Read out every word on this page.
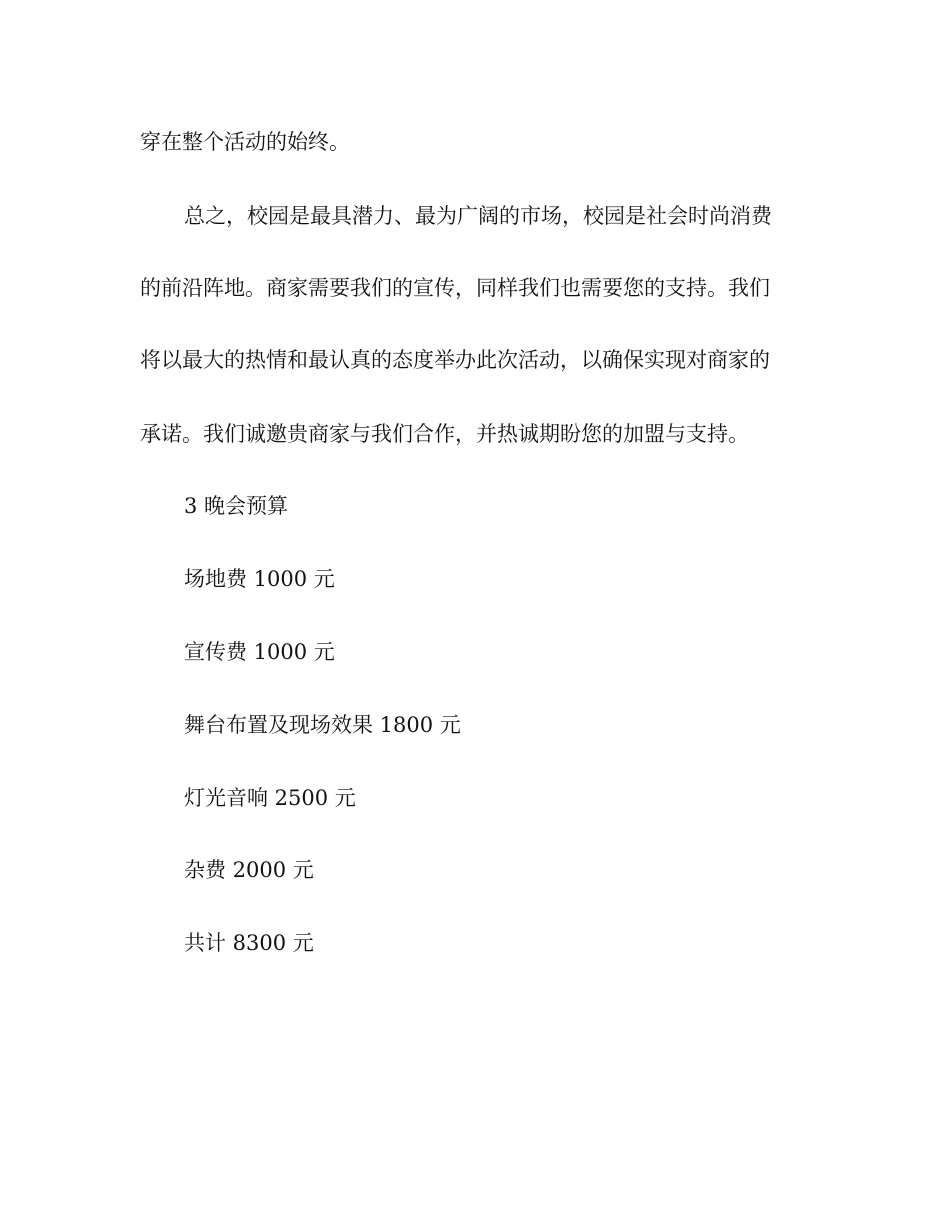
穿在整个活动的始终。
总之，校园是最具潜力、最为广阔的市场，校园是社会时尚消费
的前沿阵地。商家需要我们的宣传，同样我们也需要您的支持。我们
将以最大的热情和最认真的态度举办此次活动，以确保实现对商家的
承诺。我们诚邀贵商家与我们合作，并热诚期盼您的加盟与支持。
3 晚会预算
场地费 1000 元
宣传费 1000 元
舞台布置及现场效果 1800 元
灯光音响 2500 元
杂费 2000 元
共计 8300 元
